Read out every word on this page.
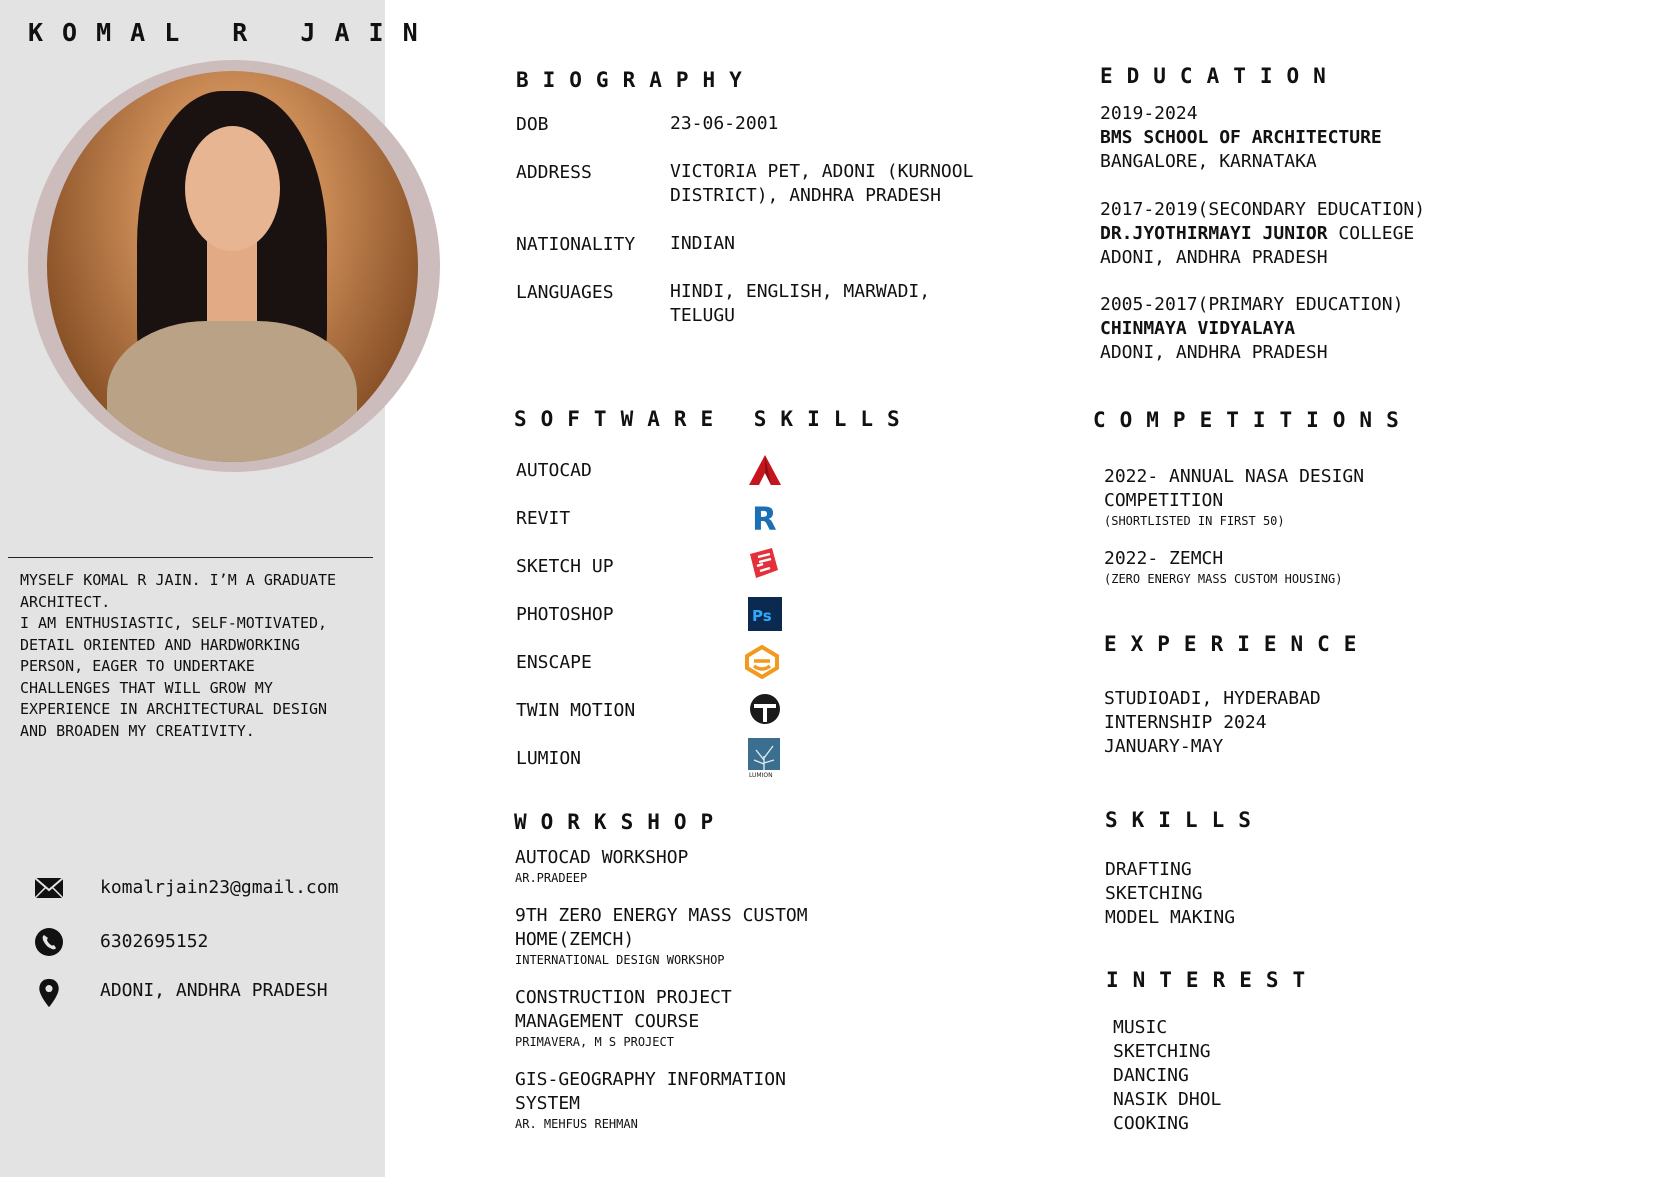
KOMAL R JAIN
MYSELF KOMAL R JAIN. I’M A GRADUATE
ARCHITECT.
I AM ENTHUSIASTIC, SELF-MOTIVATED,
DETAIL ORIENTED AND HARDWORKING
PERSON, EAGER TO UNDERTAKE
CHALLENGES THAT WILL GROW MY
EXPERIENCE IN ARCHITECTURAL DESIGN
AND BROADEN MY CREATIVITY.
komalrjain23@gmail.com
6302695152
ADONI, ANDHRA PRADESH
BIOGRAPHY
DOB	23-06-2001
ADDRESS	VICTORIA PET, ADONI (KURNOOL DISTRICT), ANDHRA PRADESH
NATIONALITY INDIAN
LANGUAGES	HINDI, ENGLISH, MARWADI, TELUGU
EDUCATION
2019-2024
BMS SCHOOL OF ARCHITECTURE
BANGALORE, KARNATAKA
2017-2019(SECONDARY EDUCATION)
DR.JYOTHIRMAYI JUNIOR COLLEGE
ADONI, ANDHRA PRADESH
2005-2017(PRIMARY EDUCATION)
CHINMAYA VIDYALAYA
ADONI, ANDHRA PRADESH
SOFTWARE SKILLS
AUTOCAD
REVIT	R
SKETCH UP
PHOTOSHOP	Ps
ENSCAPE
TWIN MOTION
LUMION
LUMION
WORKSHOP
AUTOCAD WORKSHOP
AR.PRADEEP
9TH ZERO ENERGY MASS CUSTOM HOME(ZEMCH)
INTERNATIONAL DESIGN WORKSHOP
CONSTRUCTION PROJECT MANAGEMENT COURSE
PRIMAVERA, M S PROJECT
GIS-GEOGRAPHY INFORMATION SYSTEM
AR. MEHFUS REHMAN
COMPETITIONS
2022- ANNUAL NASA DESIGN COMPETITION
(SHORTLISTED IN FIRST 50)
2022- ZEMCH
(ZERO ENERGY MASS CUSTOM HOUSING)
EXPERIENCE
STUDIOADI, HYDERABAD
INTERNSHIP 2024
JANUARY-MAY
SKILLS
DRAFTING
SKETCHING
MODEL MAKING
INTEREST
MUSIC
SKETCHING
DANCING
NASIK DHOL
COOKING
